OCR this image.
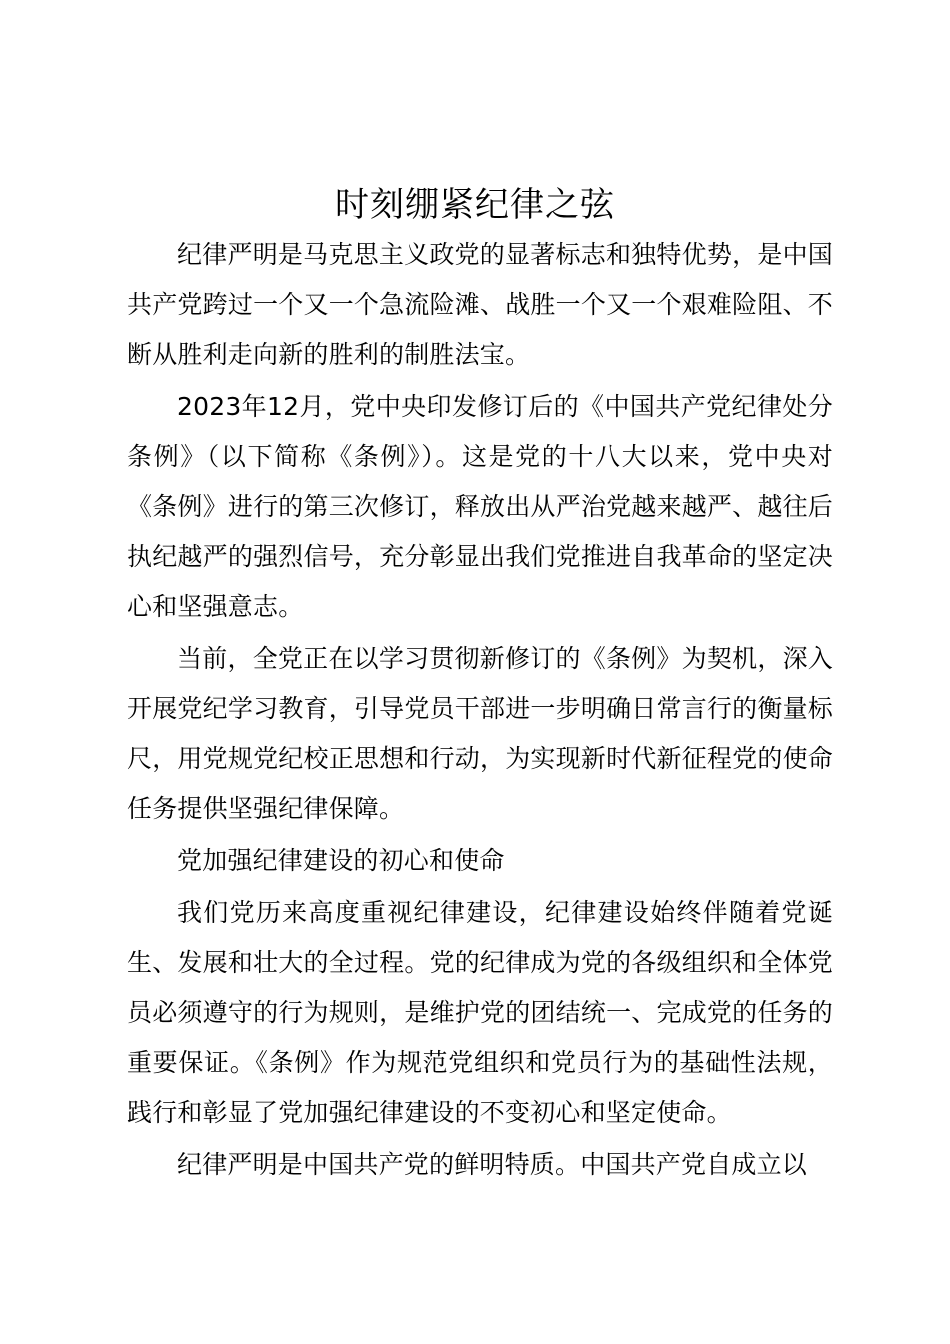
时刻绷紧纪律之弦

纪律严明是马克思主义政党的显著标志和独特优势，是中国共产党跨过一个又一个急流险滩、战胜一个又一个艰难险阻、不断从胜利走向新的胜利的制胜法宝。

2023年12月，党中央印发修订后的《中国共产党纪律处分条例》（以下简称《条例》）。这是党的十八大以来，党中央对《条例》进行的第三次修订，释放出从严治党越来越严、越往后执纪越严的强烈信号，充分彰显出我们党推进自我革命的坚定决心和坚强意志。

当前，全党正在以学习贯彻新修订的《条例》为契机，深入开展党纪学习教育，引导党员干部进一步明确日常言行的衡量标尺，用党规党纪校正思想和行动，为实现新时代新征程党的使命任务提供坚强纪律保障。

党加强纪律建设的初心和使命

我们党历来高度重视纪律建设，纪律建设始终伴随着党诞生、发展和壮大的全过程。党的纪律成为党的各级组织和全体党员必须遵守的行为规则，是维护党的团结统一、完成党的任务的重要保证。《条例》作为规范党组织和党员行为的基础性法规，践行和彰显了党加强纪律建设的不变初心和坚定使命。

纪律严明是中国共产党的鲜明特质。中国共产党自成立以
